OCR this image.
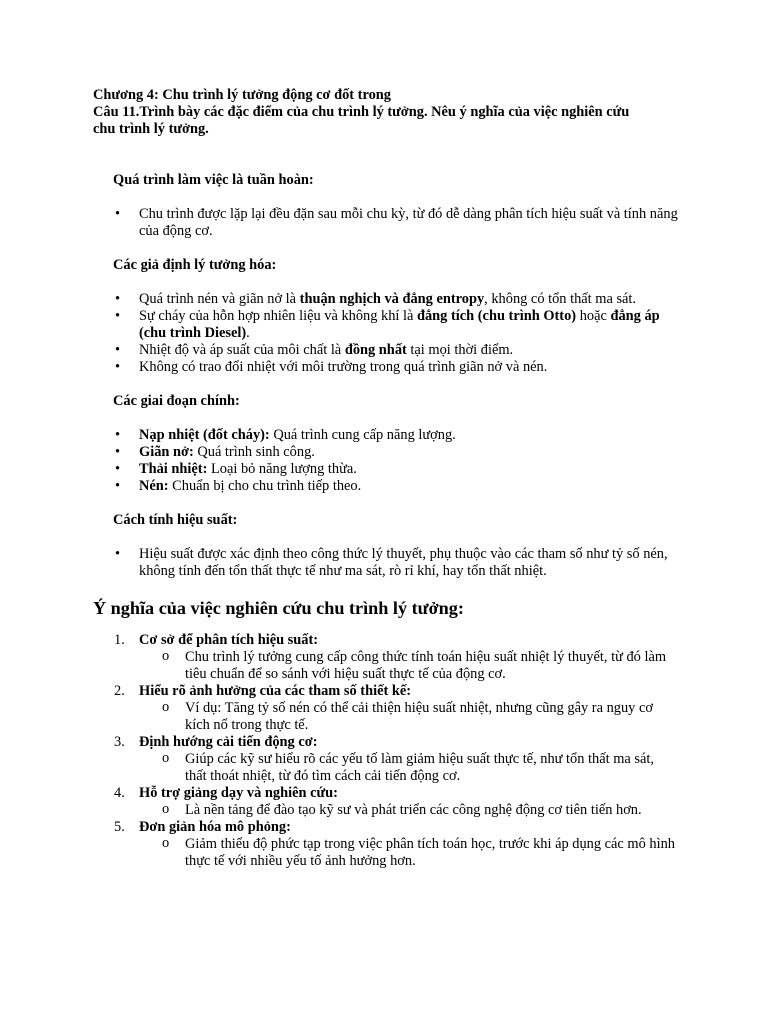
Chương 4: Chu trình lý tưởng động cơ đốt trong
Câu 11.Trình bày các đặc điểm của chu trình lý tưởng. Nêu ý nghĩa của việc nghiên cứu
chu trình lý tưởng.
Quá trình làm việc là tuần hoàn:
• Chu trình được lặp lại đều đặn sau mỗi chu kỳ, từ đó dễ dàng phân tích hiệu suất và tính năng của động cơ.
Các giả định lý tưởng hóa:
• Quá trình nén và giãn nở là thuận nghịch và đẳng entropy, không có tổn thất ma sát.
• Sự cháy của hỗn hợp nhiên liệu và không khí là đẳng tích (chu trình Otto) hoặc đẳng áp (chu trình Diesel).
• Nhiệt độ và áp suất của môi chất là đồng nhất tại mọi thời điểm.
• Không có trao đổi nhiệt với môi trường trong quá trình giãn nở và nén.
Các giai đoạn chính:
• Nạp nhiệt (đốt cháy): Quá trình cung cấp năng lượng.
• Giãn nở: Quá trình sinh công.
• Thải nhiệt: Loại bỏ năng lượng thừa.
• Nén: Chuẩn bị cho chu trình tiếp theo.
Cách tính hiệu suất:
• Hiệu suất được xác định theo công thức lý thuyết, phụ thuộc vào các tham số như tỷ số nén, không tính đến tổn thất thực tế như ma sát, rò rỉ khí, hay tổn thất nhiệt.
Ý nghĩa của việc nghiên cứu chu trình lý tưởng:
1. Cơ sở để phân tích hiệu suất:
o Chu trình lý tưởng cung cấp công thức tính toán hiệu suất nhiệt lý thuyết, từ đó làm tiêu chuẩn để so sánh với hiệu suất thực tế của động cơ.
2. Hiểu rõ ảnh hưởng của các tham số thiết kế:
o Ví dụ: Tăng tỷ số nén có thể cải thiện hiệu suất nhiệt, nhưng cũng gây ra nguy cơ kích nổ trong thực tế.
3. Định hướng cải tiến động cơ:
o Giúp các kỹ sư hiểu rõ các yếu tố làm giảm hiệu suất thực tế, như tổn thất ma sát, thất thoát nhiệt, từ đó tìm cách cải tiến động cơ.
4. Hỗ trợ giảng dạy và nghiên cứu:
o Là nền tảng để đào tạo kỹ sư và phát triển các công nghệ động cơ tiên tiến hơn.
5. Đơn giản hóa mô phỏng:
o Giảm thiểu độ phức tạp trong việc phân tích toán học, trước khi áp dụng các mô hình thực tế với nhiều yếu tố ảnh hưởng hơn.
